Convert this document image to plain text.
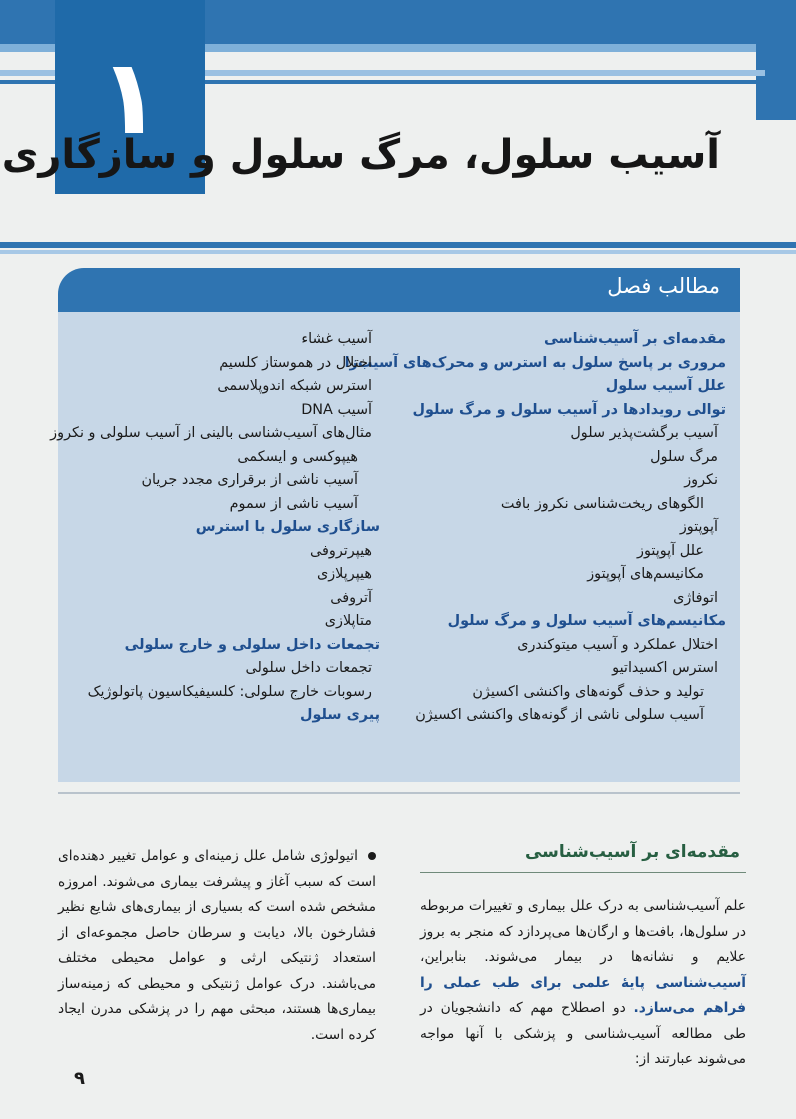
۱
آسیب سلول، مرگ سلول و سازگاری
مطالب فصل
مقدمه‌ای بر آسیب‌شناسی
مروری بر پاسخ سلول به استرس و محرک‌های آسیب‌زا
علل آسیب سلول
توالی رویدادها در آسیب سلول و مرگ سلول
آسیب برگشت‌پذیر سلول
مرگ سلول
نکروز
الگوهای ریخت‌شناسی نکروز بافت
آپوپتوز
علل آپوپتوز
مکانیسم‌های آپوپتوز
اتوفاژی
مکانیسم‌های آسیب سلول و مرگ سلول
اختلال عملکرد و آسیب میتوکندری
استرس اکسیداتیو
تولید و حذف گونه‌های واکنشی اکسیژن
آسیب سلولی ناشی از گونه‌های واکنشی اکسیژن
آسیب غشاء
اختلال در هموستاز کلسیم
استرس شبکه اندوپلاسمی
آسیب DNA
مثال‌های آسیب‌شناسی بالینی از آسیب سلولی و نکروز
هیپوکسی و ایسکمی
آسیب ناشی از برقراری مجدد جریان
آسیب ناشی از سموم
سازگاری سلول با استرس
هیپرتروفی
هیپرپلازی
آتروفی
متاپلازی
تجمعات داخل سلولی و خارج سلولی
تجمعات داخل سلولی
رسوبات خارج سلولی: کلسیفیکاسیون پاتولوژیک
پیری سلول
مقدمه‌ای بر آسیب‌شناسی
علم آسیب‌شناسی به درک علل بیماری و تغییرات مربوطه در سلول‌ها، بافت‌ها و ارگان‌ها می‌پردازد که منجر به بروز علایم و نشانه‌ها در بیمار می‌شوند. بنابراین، آسیب‌شناسی پایهٔ علمی برای طب عملی را فراهم می‌سازد. دو اصطلاح مهم که دانشجویان در طی مطالعه آسیب‌شناسی و پزشکی با آنها مواجه می‌شوند عبارتند از:
اتیولوژی شامل علل زمینه‌ای و عوامل تغییر دهنده‌ای است که سبب آغاز و پیشرفت بیماری می‌شوند. امروزه مشخص شده است که بسیاری از بیماری‌های شایع نظیر فشارخون بالا، دیابت و سرطان حاصل مجموعه‌ای از استعداد ژنتیکی ارثی و عوامل محیطی مختلف می‌باشند. درک عوامل ژنتیکی و محیطی که زمینه‌ساز بیماری‌ها هستند، مبحثی مهم را در پزشکی مدرن ایجاد کرده است.
۹
